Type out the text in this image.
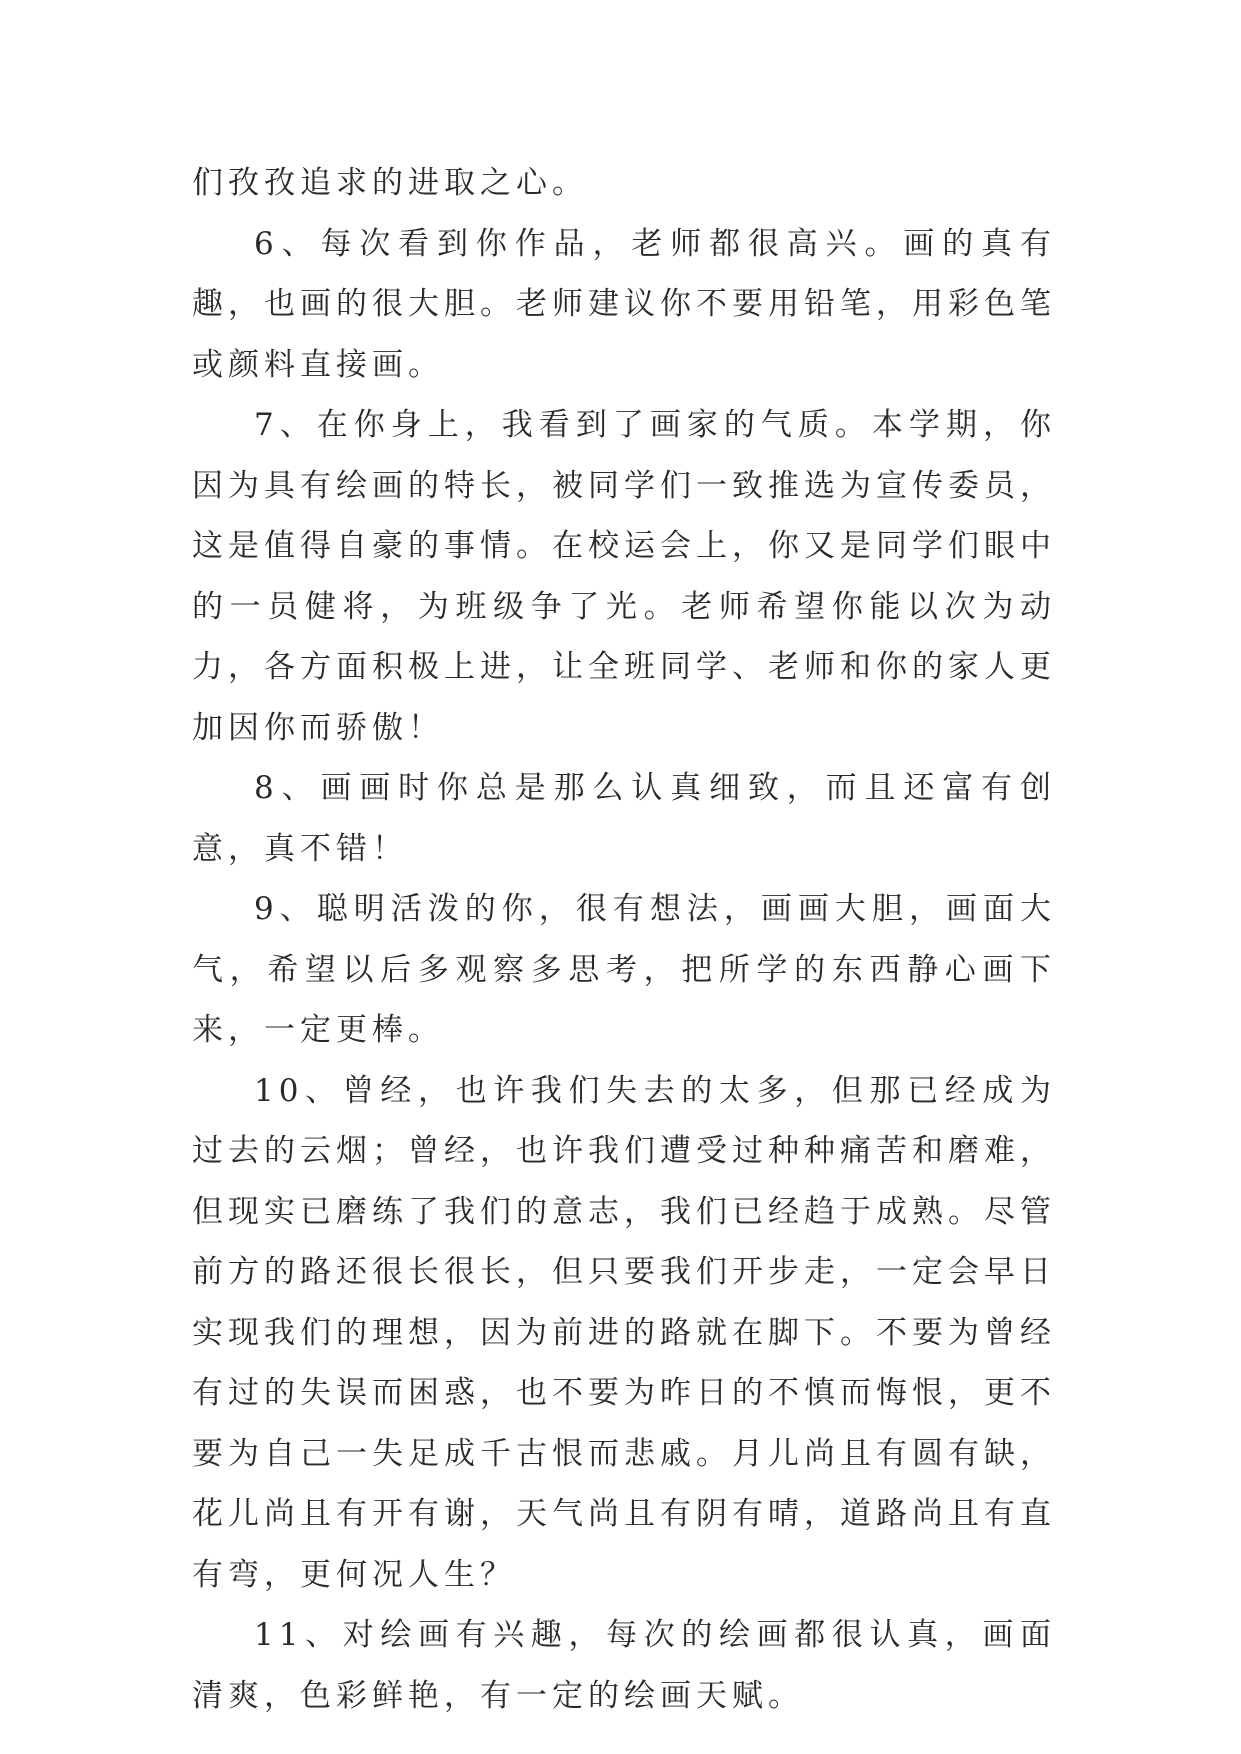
们孜孜追求的进取之心。

6、每次看到你作品，老师都很高兴。画的真有趣，也画的很大胆。老师建议你不要用铅笔，用彩色笔或颜料直接画。

7、在你身上，我看到了画家的气质。本学期，你因为具有绘画的特长，被同学们一致推选为宣传委员，这是值得自豪的事情。在校运会上，你又是同学们眼中的一员健将，为班级争了光。老师希望你能以次为动力，各方面积极上进，让全班同学、老师和你的家人更加因你而骄傲！

8、画画时你总是那么认真细致，而且还富有创意，真不错！

9、聪明活泼的你，很有想法，画画大胆，画面大气，希望以后多观察多思考，把所学的东西静心画下来，一定更棒。

10、曾经，也许我们失去的太多，但那已经成为过去的云烟；曾经，也许我们遭受过种种痛苦和磨难，但现实已磨练了我们的意志，我们已经趋于成熟。尽管前方的路还很长很长，但只要我们开步走，一定会早日实现我们的理想，因为前进的路就在脚下。不要为曾经有过的失误而困惑，也不要为昨日的不慎而悔恨，更不要为自己一失足成千古恨而悲戚。月儿尚且有圆有缺，花儿尚且有开有谢，天气尚且有阴有晴，道路尚且有直有弯，更何况人生？

11、对绘画有兴趣，每次的绘画都很认真，画面清爽，色彩鲜艳，有一定的绘画天赋。
